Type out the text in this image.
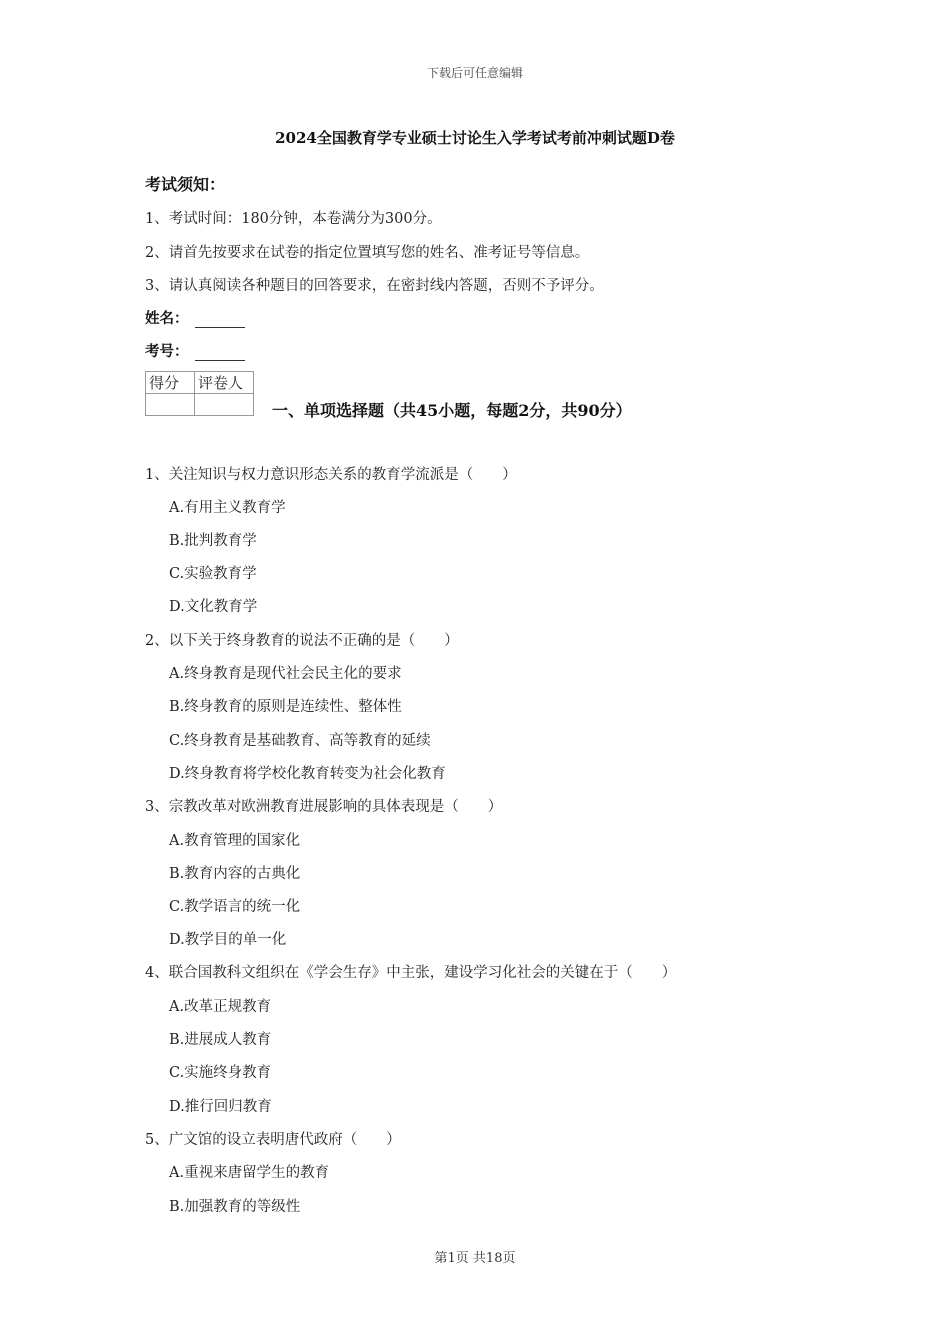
下载后可任意编辑
2024全国教育学专业硕士讨论生入学考试考前冲刺试题D卷
考试须知：
1、考试时间：180分钟，本卷满分为300分。
2、请首先按要求在试卷的指定位置填写您的姓名、准考证号等信息。
3、请认真阅读各种题目的回答要求，在密封线内答题，否则不予评分。
姓名：
考号：
得分	评卷人

一、单项选择题（共45小题，每题2分，共90分）
1、关注知识与权力意识形态关系的教育学流派是（　　）
A.有用主义教育学
B.批判教育学
C.实验教育学
D.文化教育学
2、以下关于终身教育的说法不正确的是（　　）
A.终身教育是现代社会民主化的要求
B.终身教育的原则是连续性、整体性
C.终身教育是基础教育、高等教育的延续
D.终身教育将学校化教育转变为社会化教育
3、宗教改革对欧洲教育进展影响的具体表现是（　　）
A.教育管理的国家化
B.教育内容的古典化
C.教学语言的统一化
D.教学目的单一化
4、联合国教科文组织在《学会生存》中主张，建设学习化社会的关键在于（　　）
A.改革正规教育
B.进展成人教育
C.实施终身教育
D.推行回归教育
5、广文馆的设立表明唐代政府（　　）
A.重视来唐留学生的教育
B.加强教育的等级性
第1页 共18页
